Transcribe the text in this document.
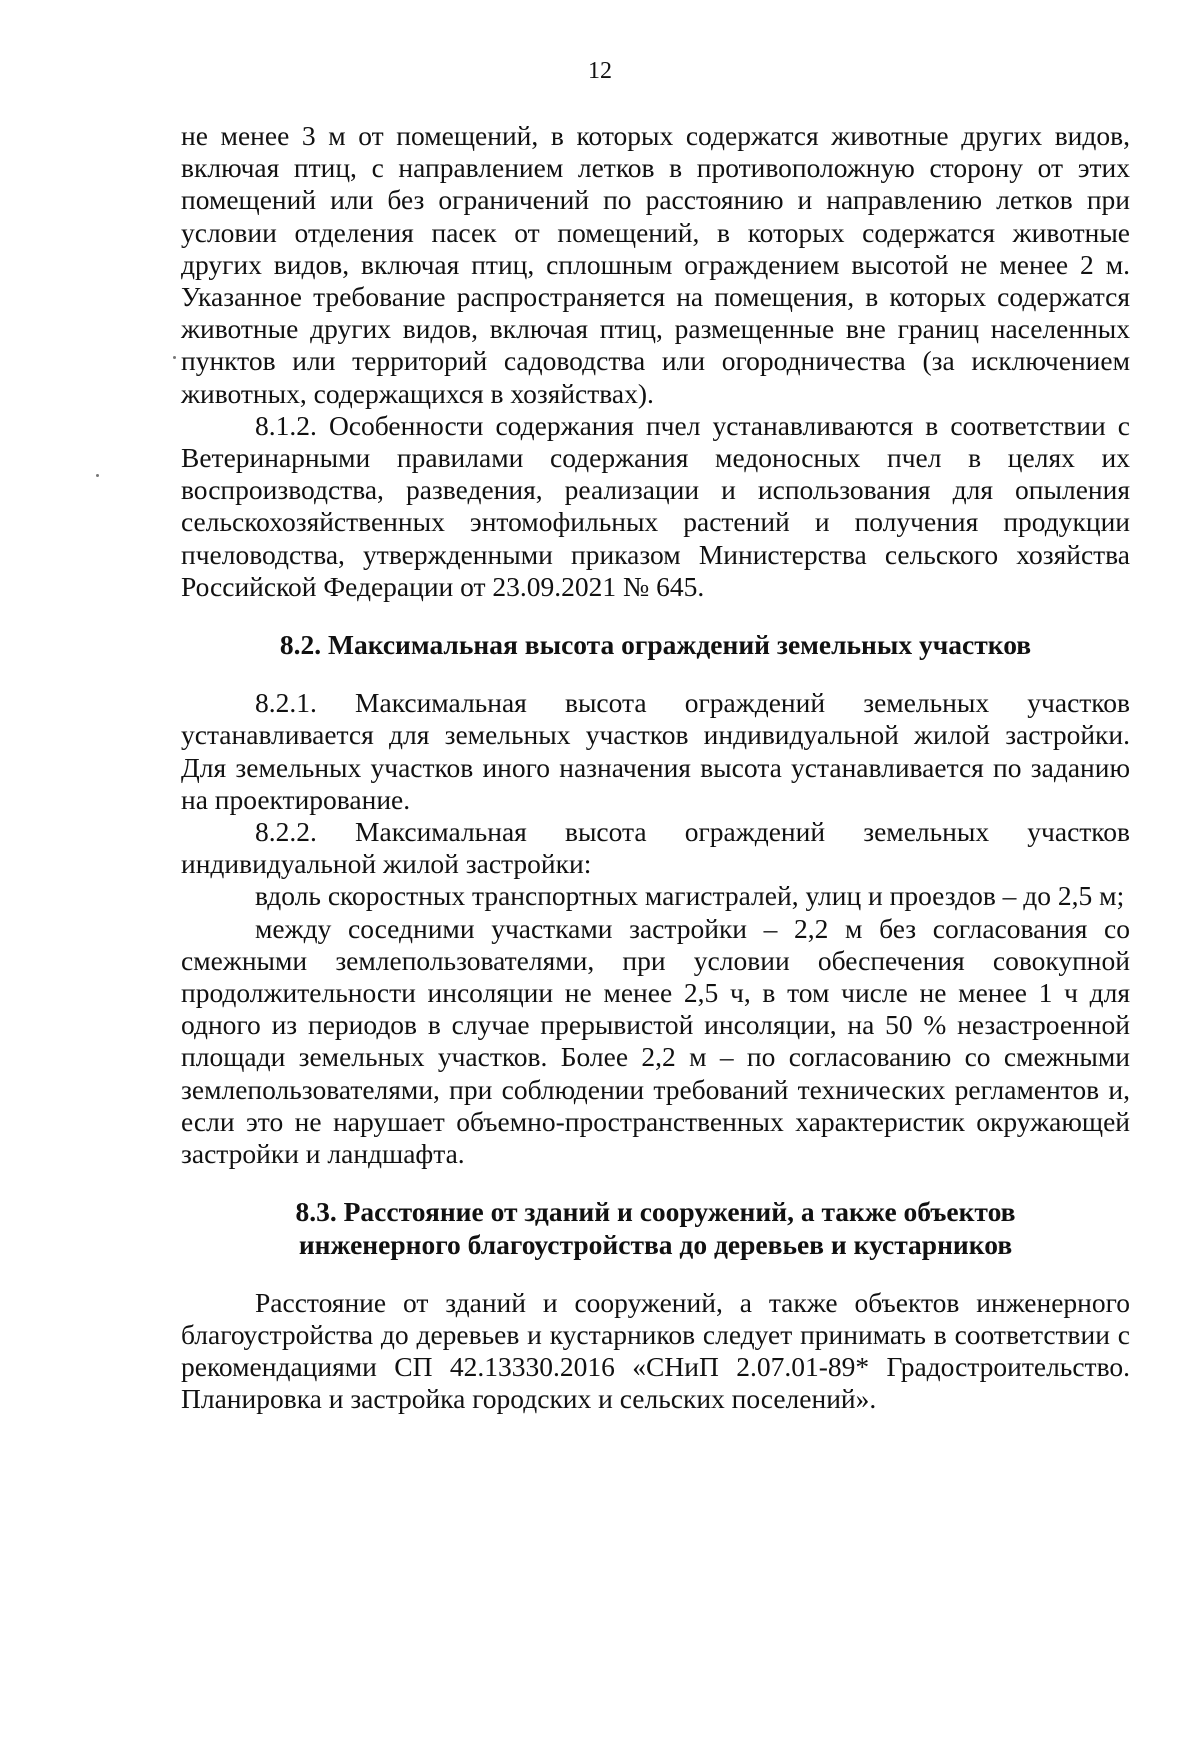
12

не менее 3 м от помещений, в которых содержатся животные других видов, включая птиц, с направлением летков в противоположную сторону от этих помещений или без ограничений по расстоянию и направлению летков при условии отделения пасек от помещений, в которых содержатся животные других видов, включая птиц, сплошным ограждением высотой не менее 2 м. Указанное требование распространяется на помещения, в которых содержатся животные других видов, включая птиц, размещенные вне границ населенных пунктов или территорий садоводства или огородничества (за исключением животных, содержащихся в хозяйствах).

8.1.2. Особенности содержания пчел устанавливаются в соответствии с Ветеринарными правилами содержания медоносных пчел в целях их воспроизводства, разведения, реализации и использования для опыления сельскохозяйственных энтомофильных растений и получения продукции пчеловодства, утвержденными приказом Министерства сельского хозяйства Российской Федерации от 23.09.2021 № 645.

8.2. Максимальная высота ограждений земельных участков

8.2.1. Максимальная высота ограждений земельных участков устанавливается для земельных участков индивидуальной жилой застройки. Для земельных участков иного назначения высота устанавливается по заданию на проектирование.

8.2.2. Максимальная высота ограждений земельных участков индивидуальной жилой застройки:

вдоль скоростных транспортных магистралей, улиц и проездов – до 2,5 м;

между соседними участками застройки – 2,2 м без согласования со смежными землепользователями, при условии обеспечения совокупной продолжительности инсоляции не менее 2,5 ч, в том числе не менее 1 ч для одного из периодов в случае прерывистой инсоляции, на 50 % незастроенной площади земельных участков. Более 2,2 м – по согласованию со смежными землепользователями, при соблюдении требований технических регламентов и, если это не нарушает объемно-пространственных характеристик окружающей застройки и ландшафта.

8.3. Расстояние от зданий и сооружений, а также объектов
инженерного благоустройства до деревьев и кустарников

Расстояние от зданий и сооружений, а также объектов инженерного благоустройства до деревьев и кустарников следует принимать в соответствии с рекомендациями СП 42.13330.2016 «СНиП 2.07.01-89* Градостроительство. Планировка и застройка городских и сельских поселений».
